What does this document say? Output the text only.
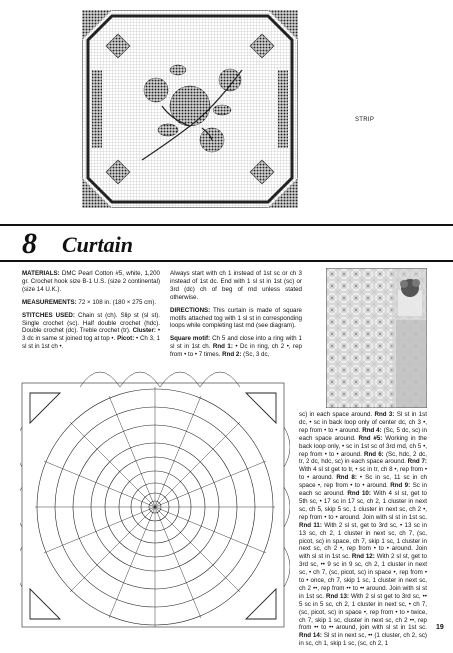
STRIP
8 Curtain

MATERIALS: DMC Pearl Cotton #5, white, 1,200 gr. Crochet hook size B-1 U.S. (size 2 continental) (size 14 U.K.).

MEASUREMENTS: 72 × 108 in. (180 × 275 cm).

STITCHES USED: Chain st (ch). Slip st (sl st). Single crochet (sc). Half double crochet (hdc). Double crochet (dc). Treble crochet (tr). Cluster: • 3 dc in same st joined tog at top •. Picot: • Ch 3, 1 sl st in 1st ch •.

Always start with ch 1 instead of 1st sc or ch 3 instead of 1st dc. End with 1 sl st in 1st (sc) or 3rd (dc) ch of beg of rnd unless stated otherwise.

DIRECTIONS: This curtain is made of square motifs attached tog with 1 sl st in corresponding loops while completing last rnd (see diagram).

Square motif: Ch 5 and close into a ring with 1 sl st in 1st ch. Rnd 1: • Dc in ring, ch 2 •, rep from • to • 7 times. Rnd 2: (Sc, 3 dc,

sc) in each space around. Rnd 3: Sl st in 1st dc, • sc in back loop only of center dc, ch 3 •, rep from • to • around. Rnd 4: (Sc, 5 dc, sc) in each space around. Rnd #5: Working in the back loop only, • sc in 1st sc of 3rd rnd, ch 5 •, rep from • to • around. Rnd 6: (Sc, hdc, 2 dc, tr, 2 dc, hdc, sc) in each space around. Rnd 7: With 4 sl st get to tr, • sc in tr, ch 8 •, rep from • to • around. Rnd 8: • Sc in sc, 11 sc in ch space •, rep from • to • around. Rnd 9: Sc in each sc around. Rnd 10: With 4 sl st, get to 5th sc, • 17 sc in 17 sc, ch 2, 1 cluster in next sc, ch 5, skip 5 sc, 1 cluster in next sc, ch 2 •, rep from • to • around. Join with sl st in 1st sc. Rnd 11: With 2 sl st, get to 3rd sc, • 13 sc in 13 sc, ch 2, 1 cluster in next sc, ch 7, (sc, picot, sc) in space, ch 7, skip 1 sc, 1 cluster in next sc, ch 2 •, rep from • to • around. Join with sl st in 1st sc. Rnd 12: With 2 sl st, get to 3rd sc, •• 9 sc in 9 sc, ch 2, 1 cluster in next sc, • ch 7, (sc, picot, sc) in space •, rep from • to • once, ch 7, skip 1 sc, 1 cluster in next sc, ch 2 ••, rep from •• to •• around. Join with sl st in 1st sc. Rnd 13: With 2 sl st get to 3rd sc, •• 5 sc in 5 sc, ch 2, 1 cluster in next sc, • ch 7, (sc, picot, sc) in space •, rep from • to • twice, ch 7, skip 1 sc, cluster in next sc, ch 2 ••, rep from •• to •• around, join with sl st in 1st sc. Rnd 14: Sl st in next sc, •• (1 cluster, ch 2, sc) in sc, ch 1, skip 1 sc, (sc, ch 2, 1

19
